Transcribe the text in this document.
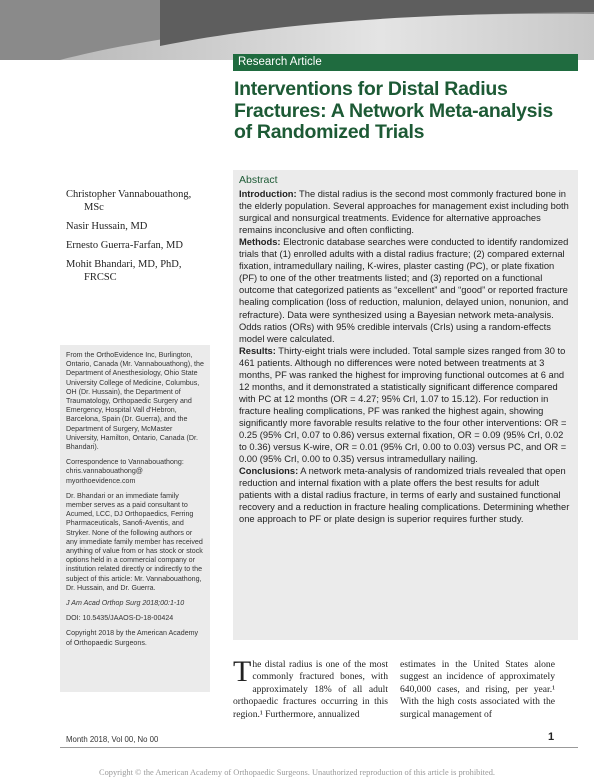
Research Article
Interventions for Distal Radius Fractures: A Network Meta-analysis of Randomized Trials
Christopher Vannabouathong,
MSc
Nasir Hussain, MD
Ernesto Guerra-Farfan, MD
Mohit Bhandari, MD, PhD,
FRCSC

From the OrthoEvidence Inc, Burlington, Ontario, Canada (Mr. Vannabouathong), the Department of Anesthesiology, Ohio State University College of Medicine, Columbus, OH (Dr. Hussain), the Department of Traumatology, Orthopaedic Surgery and Emergency, Hospital Vall d'Hebron, Barcelona, Spain (Dr. Guerra), and the Department of Surgery, McMaster University, Hamilton, Ontario, Canada (Dr. Bhandari).

Correspondence to Vannabouathong: chris.vannabouathong@ myorthoevidence.com

Dr. Bhandari or an immediate family member serves as a paid consultant to Acumed, LCC, DJ Orthopaedics, Ferring Pharmaceuticals, Sanofi-Aventis, and Stryker. None of the following authors or any immediate family member has received anything of value from or has stock or stock options held in a commercial company or institution related directly or indirectly to the subject of this article: Mr. Vannabouathong, Dr. Hussain, and Dr. Guerra.

J Am Acad Orthop Surg 2018;00:1-10

DOI: 10.5435/JAAOS-D-18-00424

Copyright 2018 by the American Academy of Orthopaedic Surgeons.

Abstract

Introduction: The distal radius is the second most commonly fractured bone in the elderly population. Several approaches for management exist including both surgical and nonsurgical treatments. Evidence for alternative approaches remains inconclusive and often conflicting.

Methods: Electronic database searches were conducted to identify randomized trials that (1) enrolled adults with a distal radius fracture; (2) compared external fixation, intramedullary nailing, K-wires, plaster casting (PC), or plate fixation (PF) to one of the other treatments listed; and (3) reported on a functional outcome that categorized patients as “excellent” and “good” or reported fracture healing complication (loss of reduction, malunion, delayed union, nonunion, and refracture). Data were synthesized using a Bayesian network meta-analysis. Odds ratios (ORs) with 95% credible intervals (CrIs) using a random-effects model were calculated.

Results: Thirty-eight trials were included. Total sample sizes ranged from 30 to 461 patients. Although no differences were noted between treatments at 3 months, PF was ranked the highest for improving functional outcomes at 6 and 12 months, and it demonstrated a statistically significant difference compared with PC at 12 months (OR = 4.27; 95% CrI, 1.07 to 15.12). For reduction in fracture healing complications, PF was ranked the highest again, showing significantly more favorable results relative to the four other interventions: OR = 0.25 (95% CrI, 0.07 to 0.86) versus external fixation, OR = 0.09 (95% CrI, 0.02 to 0.36) versus K-wire, OR = 0.01 (95% CrI, 0.00 to 0.03) versus PC, and OR = 0.00 (95% CrI, 0.00 to 0.35) versus intramedullary nailing.

Conclusions: A network meta-analysis of randomized trials revealed that open reduction and internal fixation with a plate offers the best results for adult patients with a distal radius fracture, in terms of early and sustained functional recovery and a reduction in fracture healing complications. Determining whether one approach to PF or plate design is superior requires further study.

The distal radius is one of the most commonly fractured bones, with approximately 18% of all adult orthopaedic fractures occurring in this region.¹ Furthermore, annualized
estimates in the United States alone suggest an incidence of approximately 640,000 cases, and rising, per year.¹ With the high costs associated with the surgical management of
Month 2018, Vol 00, No 00	1
Copyright © the American Academy of Orthopaedic Surgeons. Unauthorized reproduction of this article is prohibited.
